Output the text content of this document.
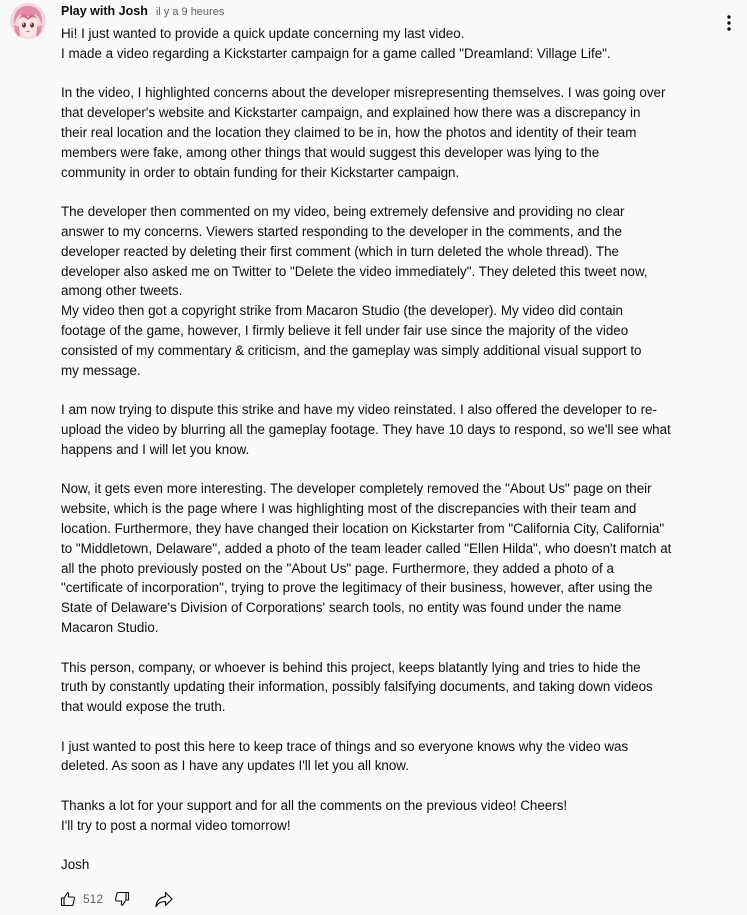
Play with Josh il y a 9 heures
Hi! I just wanted to provide a quick update concerning my last video.
I made a video regarding a Kickstarter campaign for a game called "Dreamland: Village Life".
In the video, I highlighted concerns about the developer misrepresenting themselves. I was going over
that developer's website and Kickstarter campaign, and explained how there was a discrepancy in
their real location and the location they claimed to be in, how the photos and identity of their team
members were fake, among other things that would suggest this developer was lying to the
community in order to obtain funding for their Kickstarter campaign.
The developer then commented on my video, being extremely defensive and providing no clear
answer to my concerns. Viewers started responding to the developer in the comments, and the
developer reacted by deleting their first comment (which in turn deleted the whole thread). The
developer also asked me on Twitter to "Delete the video immediately". They deleted this tweet now,
among other tweets.
My video then got a copyright strike from Macaron Studio (the developer). My video did contain
footage of the game, however, I firmly believe it fell under fair use since the majority of the video
consisted of my commentary & criticism, and the gameplay was simply additional visual support to
my message.
I am now trying to dispute this strike and have my video reinstated. I also offered the developer to re-
upload the video by blurring all the gameplay footage. They have 10 days to respond, so we'll see what
happens and I will let you know.
Now, it gets even more interesting. The developer completely removed the "About Us" page on their
website, which is the page where I was highlighting most of the discrepancies with their team and
location. Furthermore, they have changed their location on Kickstarter from "California City, California"
to "Middletown, Delaware", added a photo of the team leader called "Ellen Hilda", who doesn't match at
all the photo previously posted on the "About Us" page. Furthermore, they added a photo of a
"certificate of incorporation", trying to prove the legitimacy of their business, however, after using the
State of Delaware's Division of Corporations' search tools, no entity was found under the name
Macaron Studio.
This person, company, or whoever is behind this project, keeps blatantly lying and tries to hide the
truth by constantly updating their information, possibly falsifying documents, and taking down videos
that would expose the truth.
I just wanted to post this here to keep trace of things and so everyone knows why the video was
deleted. As soon as I have any updates I'll let you all know.
Thanks a lot for your support and for all the comments on the previous video! Cheers!
I'll try to post a normal video tomorrow!
Josh
512
